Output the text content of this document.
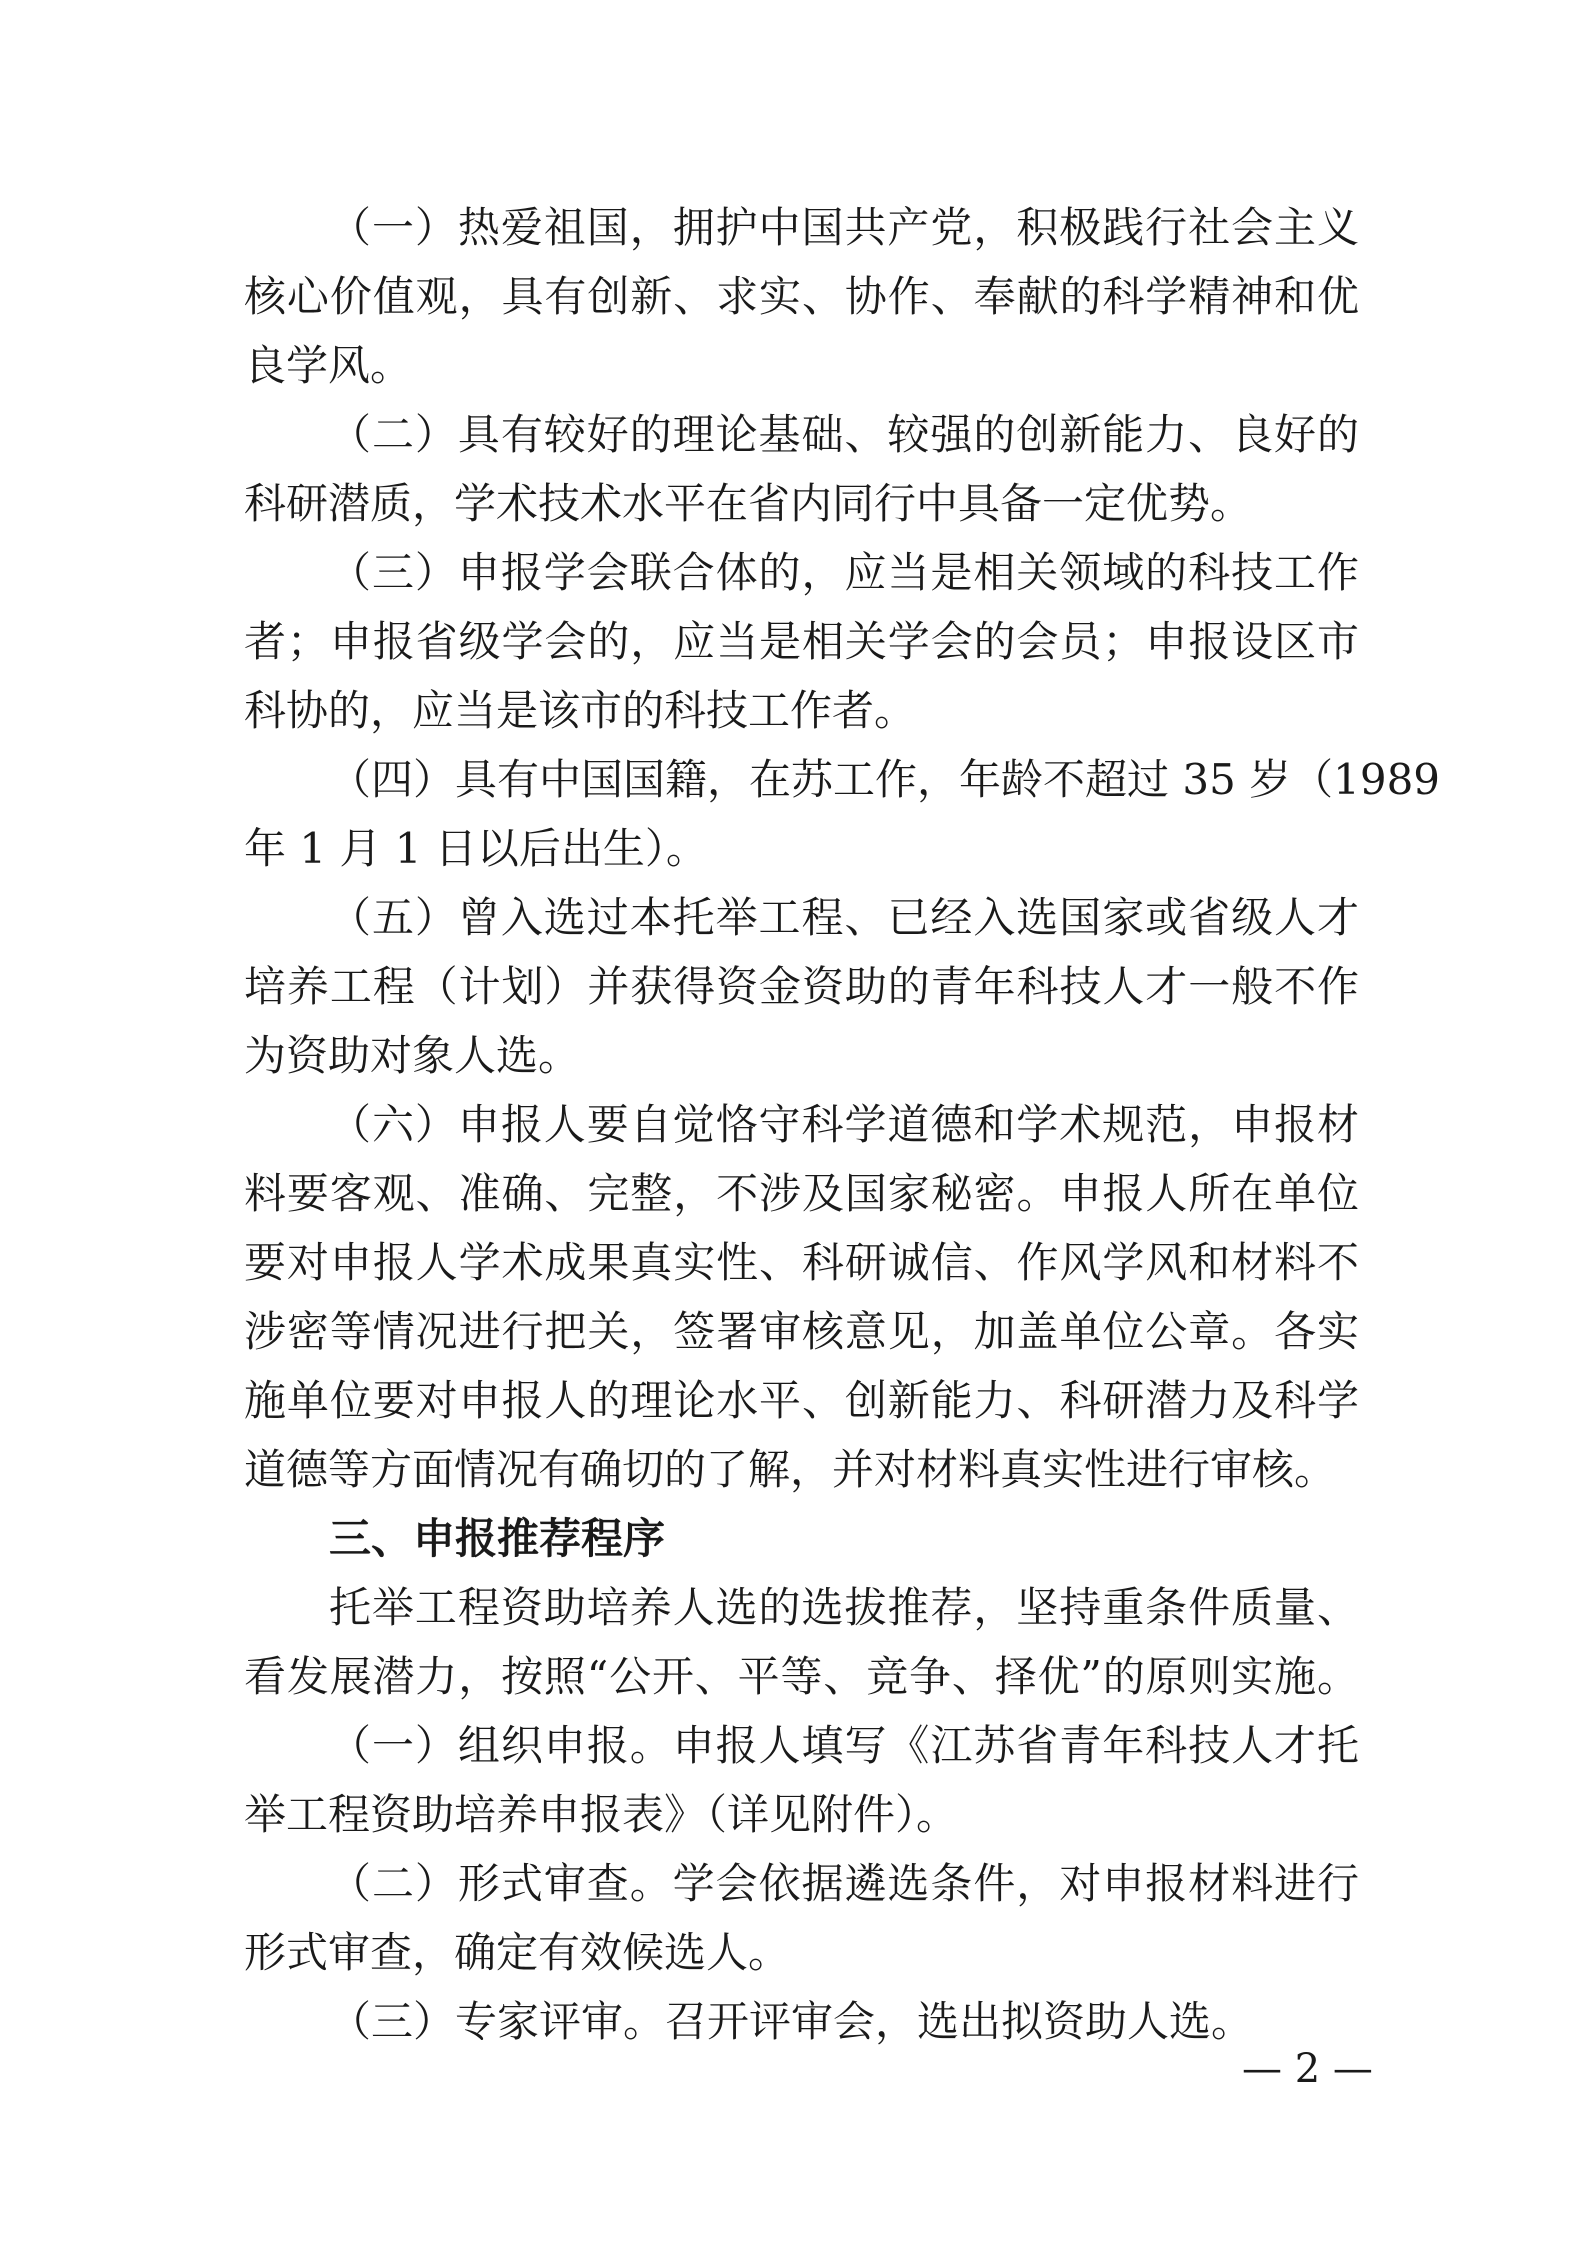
（一）热爱祖国，拥护中国共产党，积极践行社会主义
核心价值观，具有创新、求实、协作、奉献的科学精神和优
良学风。
（二）具有较好的理论基础、较强的创新能力、良好的
科研潜质，学术技术水平在省内同行中具备一定优势。
（三）申报学会联合体的，应当是相关领域的科技工作
者；申报省级学会的，应当是相关学会的会员；申报设区市
科协的，应当是该市的科技工作者。
（四）具有中国国籍，在苏工作，年龄不超过 35 岁（1989
年 1 月 1 日以后出生）。
（五）曾入选过本托举工程、已经入选国家或省级人才
培养工程（计划）并获得资金资助的青年科技人才一般不作
为资助对象人选。
（六）申报人要自觉恪守科学道德和学术规范，申报材
料要客观、准确、完整，不涉及国家秘密。申报人所在单位
要对申报人学术成果真实性、科研诚信、作风学风和材料不
涉密等情况进行把关，签署审核意见，加盖单位公章。各实
施单位要对申报人的理论水平、创新能力、科研潜力及科学
道德等方面情况有确切的了解，并对材料真实性进行审核。
三、申报推荐程序
托举工程资助培养人选的选拔推荐，坚持重条件质量、
看发展潜力，按照“公开、平等、竞争、择优”的原则实施。
（一）组织申报。申报人填写《江苏省青年科技人才托
举工程资助培养申报表》（详见附件）。
（二）形式审查。学会依据遴选条件，对申报材料进行
形式审查，确定有效候选人。
（三）专家评审。召开评审会，选出拟资助人选。
— 2 —
